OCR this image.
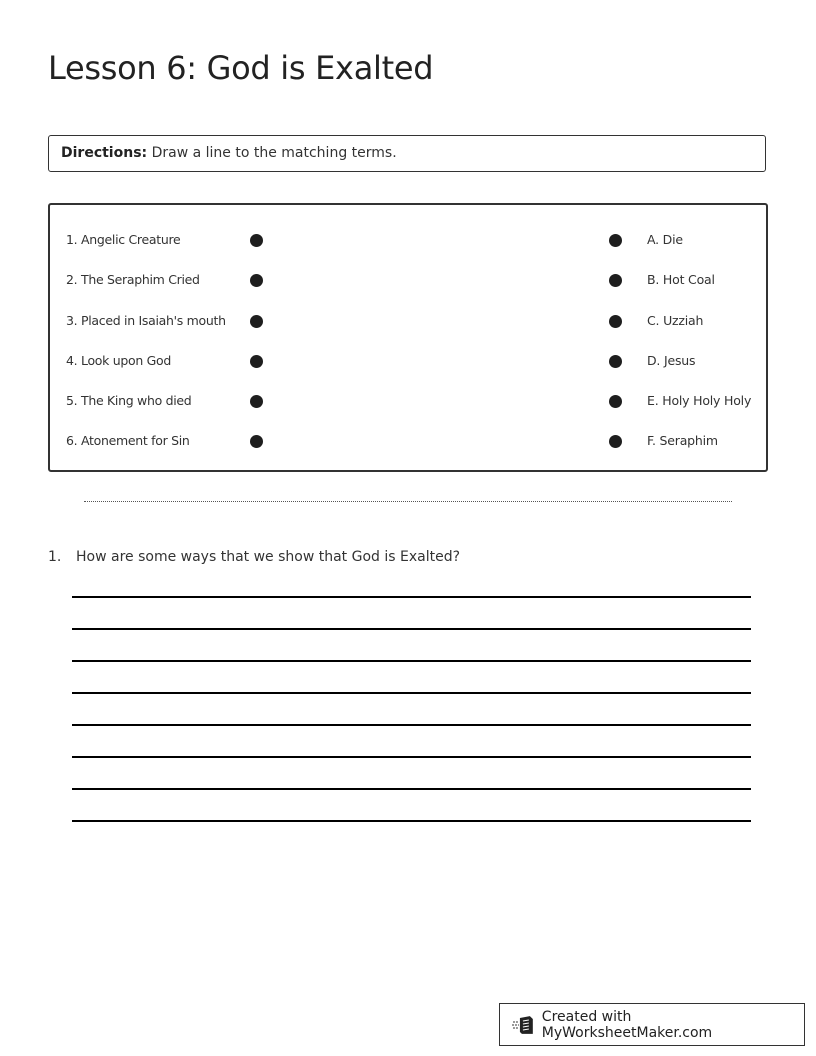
Lesson 6: God is Exalted
Directions: Draw a line to the matching terms.
1. Angelic Creature	A. Die
2. The Seraphim Cried	B. Hot Coal
3. Placed in Isaiah's mouth	C. Uzziah
4. Look upon God	D. Jesus
5. The King who died	E. Holy Holy Holy
6. Atonement for Sin	F. Seraphim
1. How are some ways that we show that God is Exalted?
Created with MyWorksheetMaker.com
